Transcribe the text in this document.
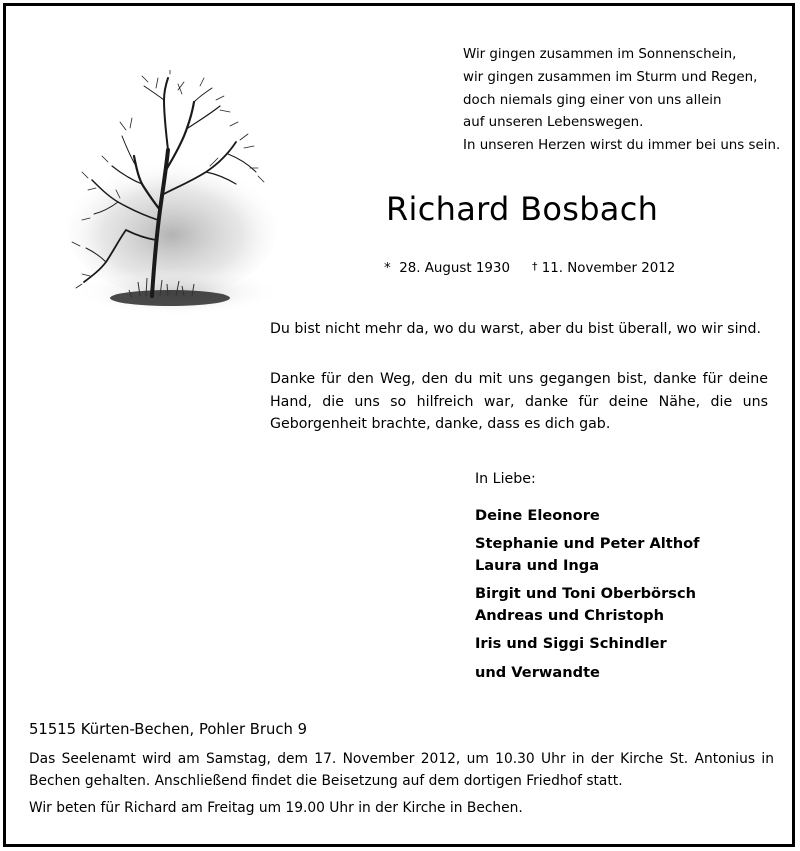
Wir gingen zusammen im Sonnenschein,
wir gingen zusammen im Sturm und Regen,
doch niemals ging einer von uns allein
auf unseren Lebenswegen.
In unseren Herzen wirst du immer bei uns sein.
Richard Bosbach
* 28. August 1930 † 11. November 2012
Du bist nicht mehr da, wo du warst, aber du bist überall, wo wir sind.
Danke für den Weg, den du mit uns gegangen bist, danke für deine Hand, die uns so hilfreich war, danke für deine Nähe, die uns Geborgenheit brachte, danke, dass es dich gab.
In Liebe:
Deine Eleonore
Stephanie und Peter Althof
Laura und Inga
Birgit und Toni Oberbörsch
Andreas und Christoph
Iris und Siggi Schindler
und Verwandte
51515 Kürten-Bechen, Pohler Bruch 9
Das Seelenamt wird am Samstag, dem 17. November 2012, um 10.30 Uhr in der Kirche St. Antonius in Bechen gehalten. Anschließend findet die Beisetzung auf dem dortigen Friedhof statt.
Wir beten für Richard am Freitag um 19.00 Uhr in der Kirche in Bechen.
